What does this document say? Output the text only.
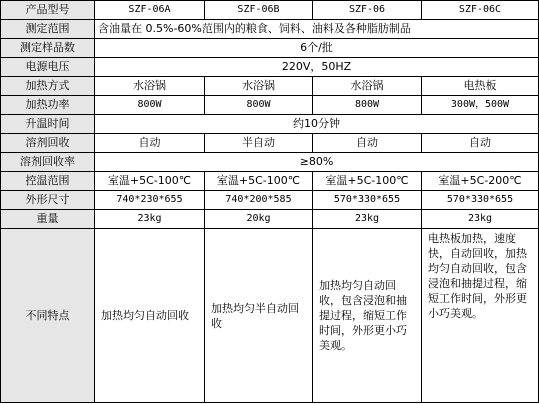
产品型号	SZF-06A	SZF-06B	SZF-06	SZF-06C
测定范围	含油量在 0.5%-60%范围内的粮食、饲料、油料及各种脂肪制品			
测定样品数	6个/批			
电源电压	220V，50HZ			
加热方式	水浴锅	水浴锅	水浴锅	电热板
加热功率	800W	800W	800W	300W，500W
升温时间	约10分钟			
溶剂回收	自动	半自动	自动	自动
溶剂回收率	≥80%			
控温范围	室温+5C-100℃	室温+5C-100℃	室温+5C-100℃	室温+5C-200℃
外形尺寸	740*230*655	740*200*585	570*330*655	570*330*655
重量	23kg	20kg	23kg	23kg
不同特点	加热均匀自动回收	加热均匀半自动回收	加热均匀自动回收，包含浸泡和抽提过程，缩短工作时间，外形更小巧美观。	电热板加热，速度快，自动回收，加热均匀自动回收，包含浸泡和抽提过程，缩短工作时间，外形更小巧美观。
